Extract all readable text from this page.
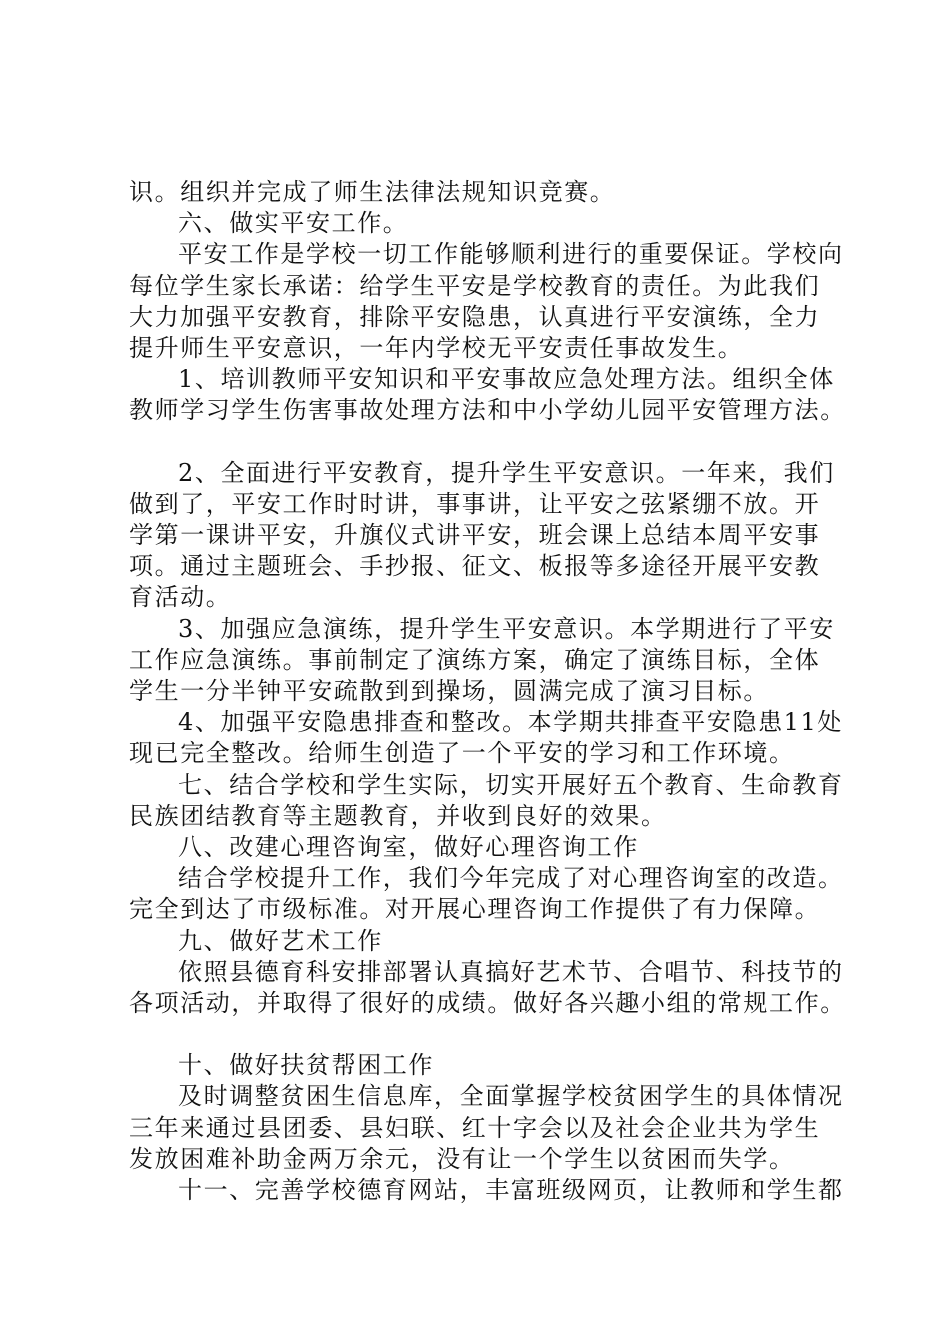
识。组织并完成了师生法律法规知识竞赛。
六、做实平安工作。
平安工作是学校一切工作能够顺利进行的重要保证。学校向
每位学生家长承诺：给学生平安是学校教育的责任。为此我们
大力加强平安教育，排除平安隐患，认真进行平安演练，全力
提升师生平安意识，一年内学校无平安责任事故发生。
1、培训教师平安知识和平安事故应急处理方法。组织全体
教师学习学生伤害事故处理方法和中小学幼儿园平安管理方法。
2、全面进行平安教育，提升学生平安意识。一年来，我们
做到了，平安工作时时讲，事事讲，让平安之弦紧绷不放。开
学第一课讲平安，升旗仪式讲平安，班会课上总结本周平安事
项。通过主题班会、手抄报、征文、板报等多途径开展平安教
育活动。
3、加强应急演练，提升学生平安意识。本学期进行了平安
工作应急演练。事前制定了演练方案，确定了演练目标，全体
学生一分半钟平安疏散到到操场，圆满完成了演习目标。
4、加强平安隐患排查和整改。本学期共排查平安隐患11处
现已完全整改。给师生创造了一个平安的学习和工作环境。
七、结合学校和学生实际，切实开展好五个教育、生命教育
民族团结教育等主题教育，并收到良好的效果。
八、改建心理咨询室，做好心理咨询工作
结合学校提升工作，我们今年完成了对心理咨询室的改造。
完全到达了市级标准。对开展心理咨询工作提供了有力保障。
九、做好艺术工作
依照县德育科安排部署认真搞好艺术节、合唱节、科技节的
各项活动，并取得了很好的成绩。做好各兴趣小组的常规工作。
十、做好扶贫帮困工作
及时调整贫困生信息库，全面掌握学校贫困学生的具体情况
三年来通过县团委、县妇联、红十字会以及社会企业共为学生
发放困难补助金两万余元，没有让一个学生以贫困而失学。
十一、完善学校德育网站，丰富班级网页，让教师和学生都
